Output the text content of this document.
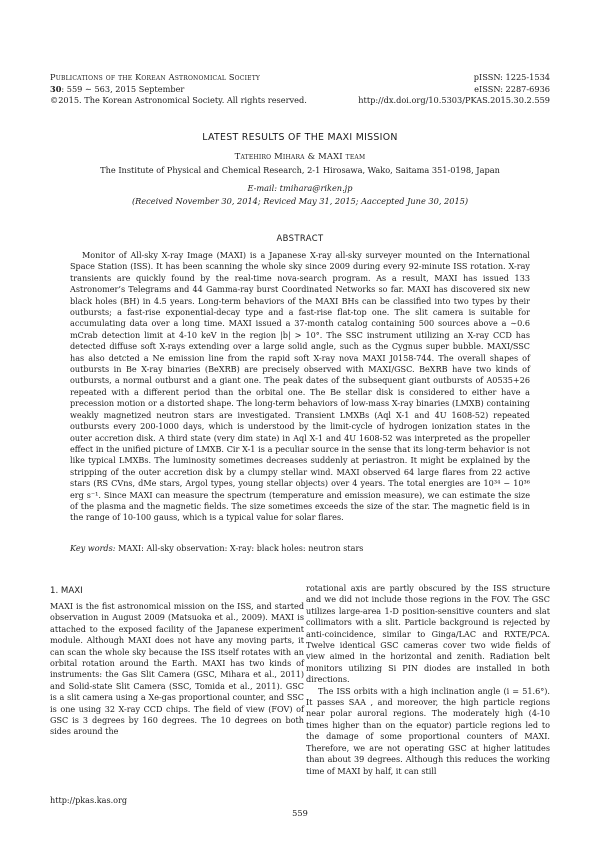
Publications of the Korean Astronomical Society
30: 559 ∼ 563, 2015 September
©2015. The Korean Astronomical Society. All rights reserved.
pISSN: 1225-1534
eISSN: 2287-6936
http://dx.doi.org/10.5303/PKAS.2015.30.2.559
LATEST RESULTS OF THE MAXI MISSION
Tatehiro Mihara & MAXI team
The Institute of Physical and Chemical Research, 2-1 Hirosawa, Wako, Saitama 351-0198, Japan
E-mail: tmihara@riken.jp
(Received November 30, 2014; Reviced May 31, 2015; Aaccepted June 30, 2015)
ABSTRACT

Monitor of All-sky X-ray Image (MAXI) is a Japanese X-ray all-sky surveyer mounted on the International Space Station (ISS). It has been scanning the whole sky since 2009 during every 92-minute ISS rotation. X-ray transients are quickly found by the real-time nova-search program. As a result, MAXI has issued 133 Astronomer’s Telegrams and 44 Gamma-ray burst Coordinated Networks so far. MAXI has discovered six new black holes (BH) in 4.5 years. Long-term behaviors of the MAXI BHs can be classified into two types by their outbursts; a fast-rise exponential-decay type and a fast-rise flat-top one. The slit camera is suitable for accumulating data over a long time. MAXI issued a 37-month catalog containing 500 sources above a ∼0.6 mCrab detection limit at 4-10 keV in the region |b| > 10°. The SSC instrument utilizing an X-ray CCD has detected diffuse soft X-rays extending over a large solid angle, such as the Cygnus super bubble. MAXI/SSC has also detcted a Ne emission line from the rapid soft X-ray nova MAXI J0158-744. The overall shapes of outbursts in Be X-ray binaries (BeXRB) are precisely observed with MAXI/GSC. BeXRB have two kinds of outbursts, a normal outburst and a giant one. The peak dates of the subsequent giant outbursts of A0535+26 repeated with a different period than the orbital one. The Be stellar disk is considered to either have a precession motion or a distorted shape. The long-term behaviors of low-mass X-ray binaries (LMXB) containing weakly magnetized neutron stars are investigated. Transient LMXBs (Aql X-1 and 4U 1608-52) repeated outbursts every 200-1000 days, which is understood by the limit-cycle of hydrogen ionization states in the outer accretion disk. A third state (very dim state) in Aql X-1 and 4U 1608-52 was interpreted as the propeller effect in the unified picture of LMXB. Cir X-1 is a peculiar source in the sense that its long-term behavior is not like typical LMXBs. The luminosity sometimes decreases suddenly at periastron. It might be explained by the stripping of the outer accretion disk by a clumpy stellar wind. MAXI observed 64 large flares from 22 active stars (RS CVns, dMe stars, Argol types, young stellar objects) over 4 years. The total energies are 10³⁴ − 10³⁶ erg s⁻¹. Since MAXI can measure the spectrum (temperature and emission measure), we can estimate the size of the plasma and the magnetic fields. The size sometimes exceeds the size of the star. The magnetic field is in the range of 10-100 gauss, which is a typical value for solar flares.

Key words: MAXI: All-sky observation: X-ray: black holes: neutron stars
1. MAXI

MAXI is the fist astronomical mission on the ISS, and started observation in August 2009 (Matsuoka et al., 2009). MAXI is attached to the exposed facility of the Japanese experiment module. Although MAXI does not have any moving parts, it can scan the whole sky because the ISS itself rotates with an orbital rotation around the Earth. MAXI has two kinds of instruments: the Gas Slit Camera (GSC, Mihara et al., 2011) and Solid-state Slit Camera (SSC, Tomida et al., 2011). GSC is a slit camera using a Xe-gas proportional counter, and SSC is one using 32 X-ray CCD chips. The field of view (FOV) of GSC is 3 degrees by 160 degrees. The 10 degrees on both sides around the

rotational axis are partly obscured by the ISS structure and we did not include those regions in the FOV. The GSC utilizes large-area 1-D position-sensitive counters and slat collimators with a slit. Particle background is rejected by anti-coincidence, similar to Ginga/LAC and RXTE/PCA. Twelve identical GSC cameras cover two wide fields of view aimed in the horizontal and zenith. Radiation belt monitors utilizing Si PIN diodes are installed in both directions.

The ISS orbits with a high inclination angle (i = 51.6°). It passes SAA , and moreover, the high particle regions near polar auroral regions. The moderately high (4-10 times higher than on the equator) particle regions led to the damage of some proportional counters of MAXI. Therefore, we are not operating GSC at higher latitudes than about 39 degrees. Although this reduces the working time of MAXI by half, it can still

http://pkas.kas.org
559
